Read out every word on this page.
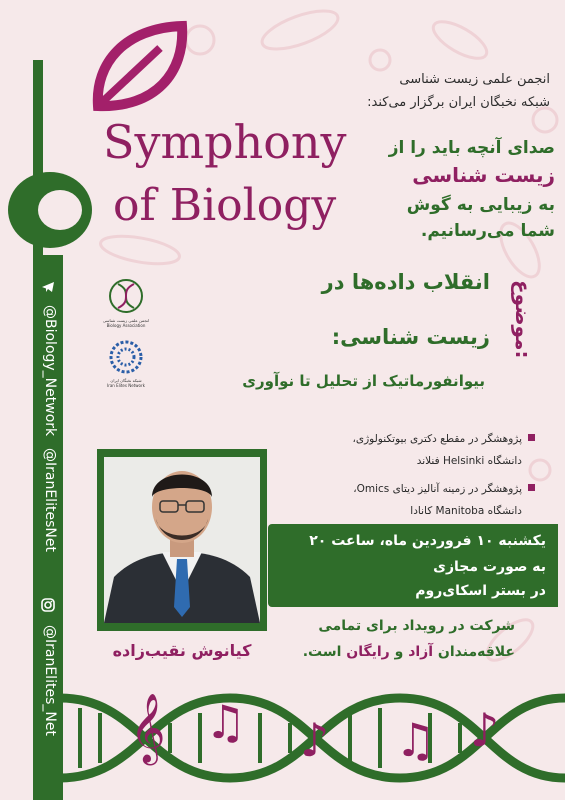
@Biology_Network
@IranElitesNet
@IranElites_Net
انجمن علمی زیست شناسی
شبکه نخبگان ایران برگزار می‌کند:
Symphony
of Biology
صدای آنچه باید را از
زیست شناسی
به زیبایی به گوش
شما می‌رسانیم.
موضوع:
انقلاب داده‌ها در
زیست شناسی:
بیوانفورماتیک از تحلیل تا نوآوری
انجمن علمی زیست شناسی
Biology Association
شبکه نخبگان ایران
Iran Elites Network
پژوهشگر در مقطع دکتری بیوتکنولوژی،
دانشگاه Helsinki فنلاند
پژوهشگر در زمینه آنالیز دیتای Omics،
دانشگاه Manitoba کانادا
کیانوش نقیب‌زاده
یکشنبه ۱۰ فروردین ماه، ساعت ۲۰
به صورت مجازی
در بستر اسکای‌روم
شرکت در رویداد برای تمامی
علاقه‌مندان آزاد و رایگان است.
𝄞 ♫ ♪ ♫ ♪
